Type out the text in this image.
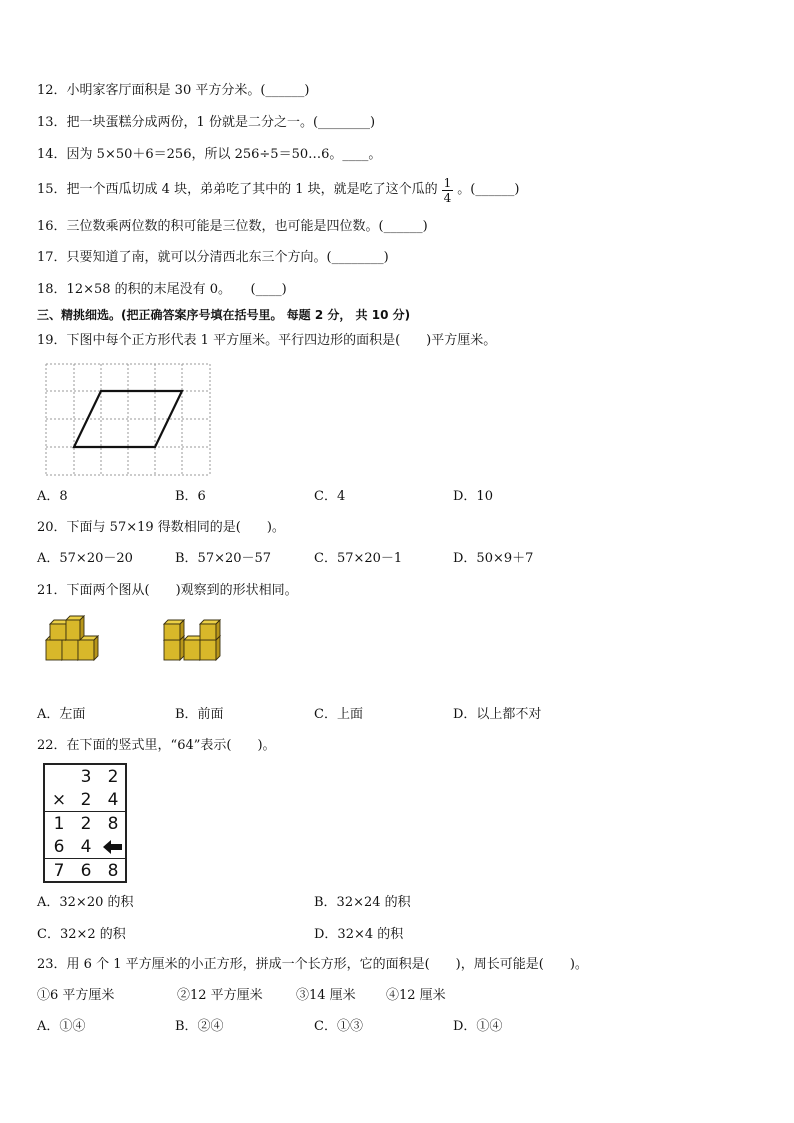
12．小明家客厅面积是 30 平方分米。(______)
13．把一块蛋糕分成两份，1 份就是二分之一。(________)
14．因为 5×50＋6＝256，所以 256÷5＝50…6。____。
15．把一个西瓜切成 4 块，弟弟吃了其中的 1 块，就是吃了这个瓜的 $\frac{1}{4}$ 。(______)
16．三位数乘两位数的积可能是三位数，也可能是四位数。(______)
17．只要知道了南，就可以分清西北东三个方向。(________)
18．12×58 的积的末尾没有 0。　　(____)
三、精挑细选。(把正确答案序号填在括号里。 每题 2 分， 共 10 分)
19．下图中每个正方形代表 1 平方厘米。平行四边形的面积是(　　)平方厘米。
A．8	B．6	C．4	D．10
20．下面与 57×19 得数相同的是(　　)。
A．57×20－20	B．57×20－57	C．57×20－1	D．50×9＋7
21．下面两个图从(　　)观察到的形状相同。
A．左面	B．前面	C．上面	D．以上都不对
22．在下面的竖式里，“64”表示(　　)。
3 2
× 2 4
1 2 8
6 4
7 6 8
A．32×20 的积	B．32×24 的积
C．32×2 的积	D．32×4 的积
23．用 6 个 1 平方厘米的小正方形，拼成一个长方形，它的面积是(　　)，周长可能是(　　)。
①6 平方厘米	②12 平方厘米	③14 厘米 ④12 厘米
A．①④	B．②④	C．①③	D．①④
